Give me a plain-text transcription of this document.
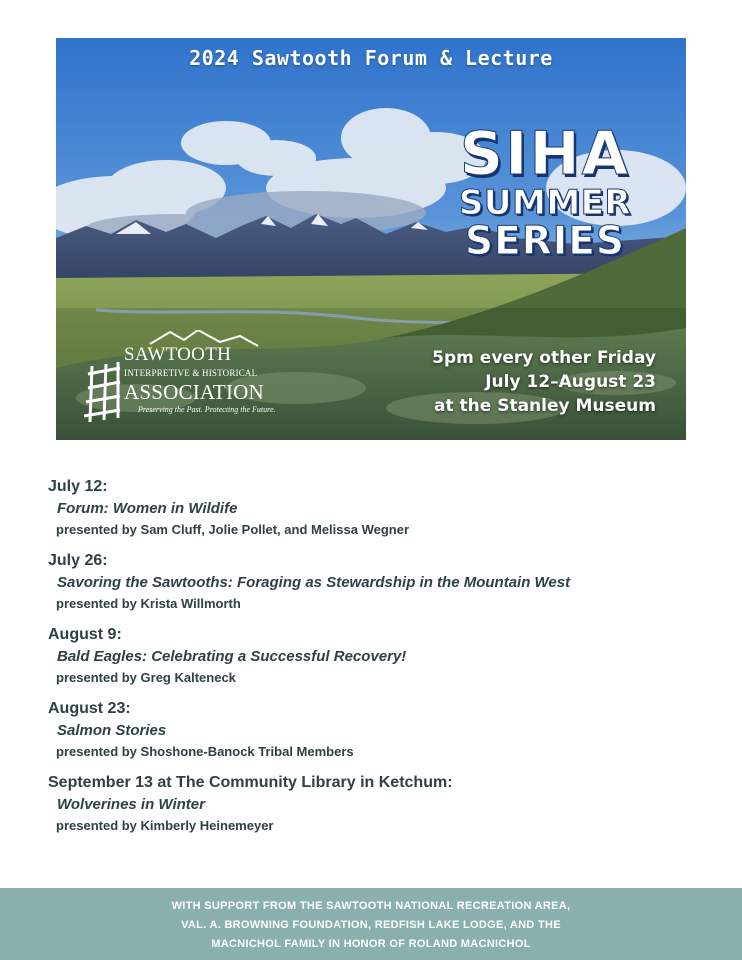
2024 Sawtooth Forum & Lecture
SIHA
SUMMER
SERIES
SAWTOOTH
INTERPRETIVE & HISTORICAL
ASSOCIATION
Preserving the Past. Protecting the Future.
5pm every other Friday
July 12–August 23
at the Stanley Museum
July 12:
Forum: Women in Wildife
presented by Sam Cluff, Jolie Pollet, and Melissa Wegner
July 26:
Savoring the Sawtooths: Foraging as Stewardship in the Mountain West
presented by Krista Willmorth
August 9:
Bald Eagles: Celebrating a Successful Recovery!
presented by Greg Kalteneck
August 23:
Salmon Stories
presented by Shoshone-Banock Tribal Members
September 13 at The Community Library in Ketchum:
Wolverines in Winter
presented by Kimberly Heinemeyer
WITH SUPPORT FROM THE SAWTOOTH NATIONAL RECREATION AREA,
VAL. A. BROWNING FOUNDATION, REDFISH LAKE LODGE, AND THE
MACNICHOL FAMILY IN HONOR OF ROLAND MACNICHOL
